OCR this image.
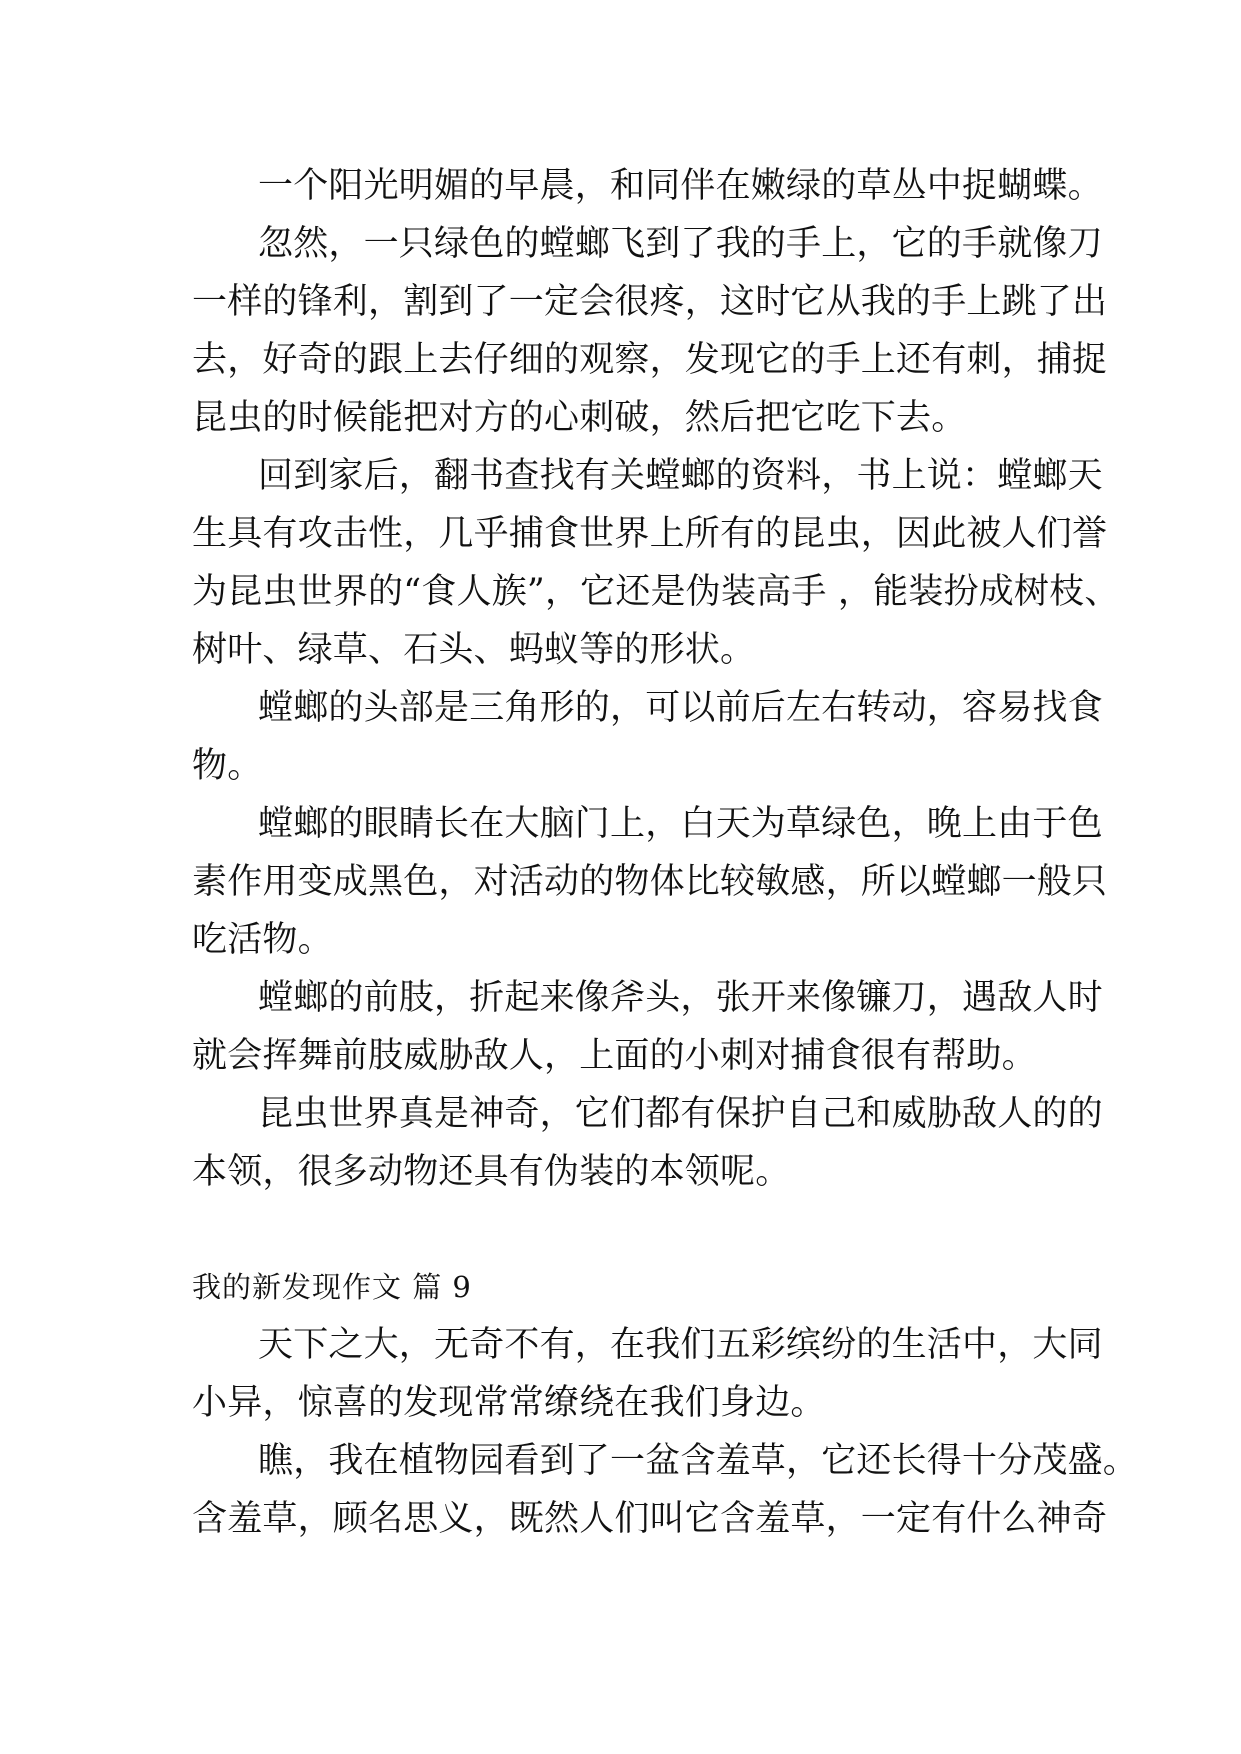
一个阳光明媚的早晨，和同伴在嫩绿的草丛中捉蝴蝶。

忽然，一只绿色的螳螂飞到了我的手上，它的手就像刀

一样的锋利，割到了一定会很疼，这时它从我的手上跳了出

去，好奇的跟上去仔细的观察，发现它的手上还有刺，捕捉

昆虫的时候能把对方的心刺破，然后把它吃下去。

回到家后，翻书查找有关螳螂的资料，书上说：螳螂天

生具有攻击性，几乎捕食世界上所有的昆虫，因此被人们誉

为昆虫世界的“食人族”，它还是伪装高手 ，能装扮成树枝、

树叶、绿草、石头、蚂蚁等的形状。

螳螂的头部是三角形的，可以前后左右转动，容易找食

物。

螳螂的眼睛长在大脑门上，白天为草绿色，晚上由于色

素作用变成黑色，对活动的物体比较敏感，所以螳螂一般只

吃活物。

螳螂的前肢，折起来像斧头，张开来像镰刀，遇敌人时

就会挥舞前肢威胁敌人，上面的小刺对捕食很有帮助。

昆虫世界真是神奇，它们都有保护自己和威胁敌人的的

本领，很多动物还具有伪装的本领呢。

我的新发现作文 篇 9

天下之大，无奇不有，在我们五彩缤纷的生活中，大同

小异，惊喜的发现常常缭绕在我们身边。

瞧，我在植物园看到了一盆含羞草，它还长得十分茂盛。

含羞草，顾名思义，既然人们叫它含羞草，一定有什么神奇
